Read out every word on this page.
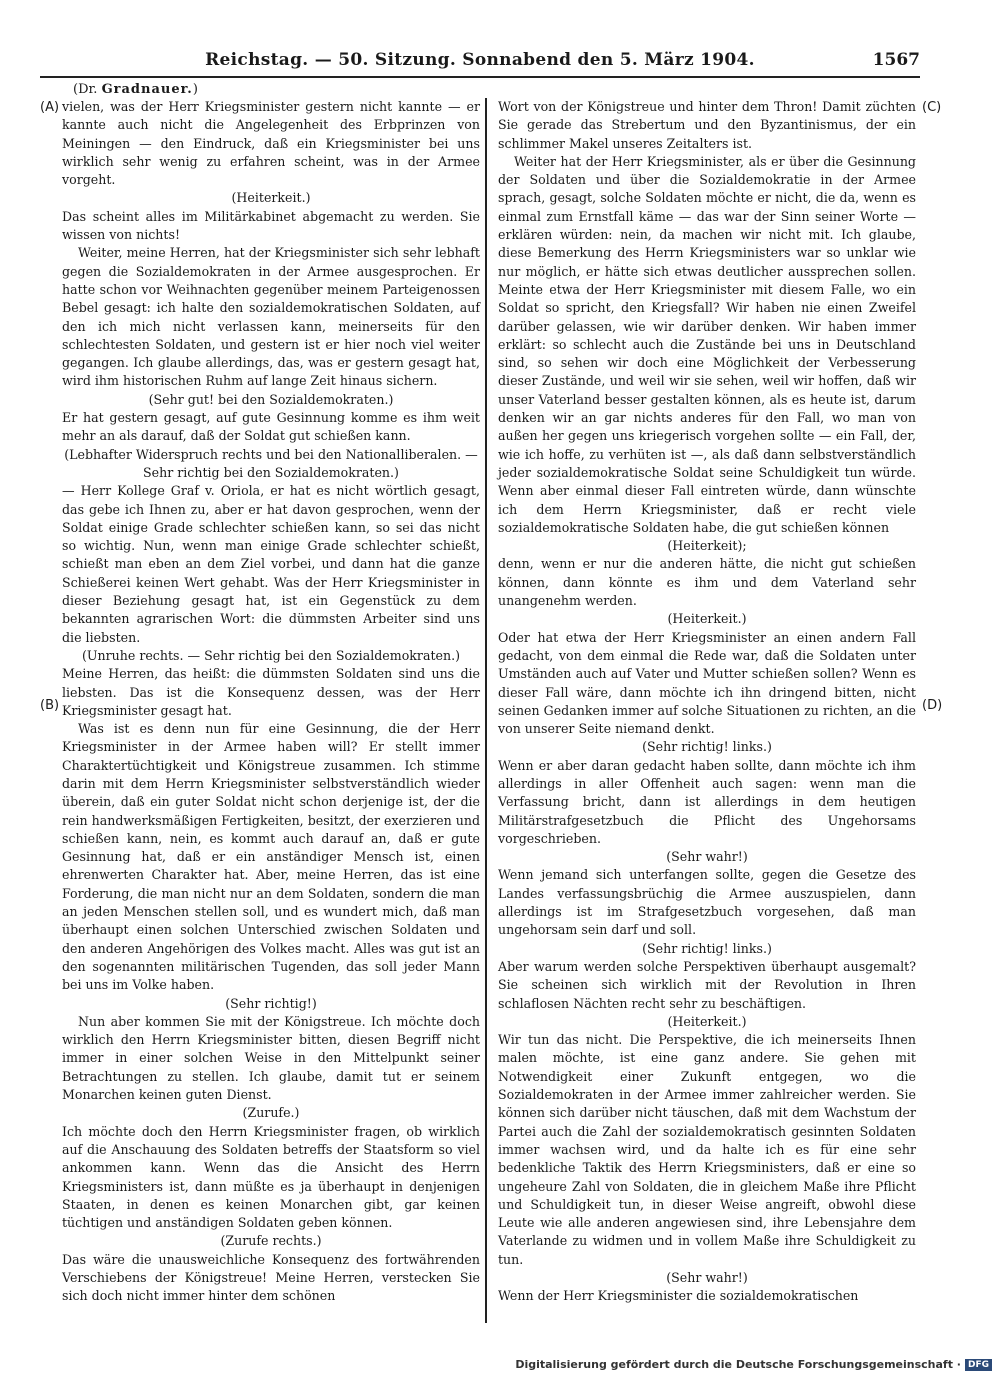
Reichstag. — 50. Sitzung. Sonnabend den 5. März 1904.	1567
(Dr. Gradnauer.)
(A)
(B)
(C)
(D)

vielen, was der Herr Kriegsminister gestern nicht kannte — er kannte auch nicht die Angelegenheit des Erbprinzen von Meiningen — den Eindruck, daß ein Kriegsminister bei uns wirklich sehr wenig zu erfahren scheint, was in der Armee vorgeht.

(Heiterkeit.)

Das scheint alles im Militärkabinet abgemacht zu werden. Sie wissen von nichts!

Weiter, meine Herren, hat der Kriegsminister sich sehr lebhaft gegen die Sozialdemokraten in der Armee ausgesprochen. Er hatte schon vor Weihnachten gegenüber meinem Parteigenossen Bebel gesagt: ich halte den sozialdemokratischen Soldaten, auf den ich mich nicht verlassen kann, meinerseits für den schlechtesten Soldaten, und gestern ist er hier noch viel weiter gegangen. Ich glaube allerdings, das, was er gestern gesagt hat, wird ihm historischen Ruhm auf lange Zeit hinaus sichern.

(Sehr gut! bei den Sozialdemokraten.)

Er hat gestern gesagt, auf gute Gesinnung komme es ihm weit mehr an als darauf, daß der Soldat gut schießen kann.

(Lebhafter Widerspruch rechts und bei den Nationalliberalen. — Sehr richtig bei den Sozialdemokraten.)

— Herr Kollege Graf v. Oriola, er hat es nicht wörtlich gesagt, das gebe ich Ihnen zu, aber er hat davon gesprochen, wenn der Soldat einige Grade schlechter schießen kann, so sei das nicht so wichtig. Nun, wenn man einige Grade schlechter schießt, schießt man eben an dem Ziel vorbei, und dann hat die ganze Schießerei keinen Wert gehabt. Was der Herr Kriegsminister in dieser Beziehung gesagt hat, ist ein Gegenstück zu dem bekannten agrarischen Wort: die dümmsten Arbeiter sind uns die liebsten.

(Unruhe rechts. — Sehr richtig bei den Sozialdemokraten.)

Meine Herren, das heißt: die dümmsten Soldaten sind uns die liebsten. Das ist die Konsequenz dessen, was der Herr Kriegsminister gesagt hat.

Was ist es denn nun für eine Gesinnung, die der Herr Kriegsminister in der Armee haben will? Er stellt immer Charaktertüchtigkeit und Königstreue zusammen. Ich stimme darin mit dem Herrn Kriegsminister selbstverständlich wieder überein, daß ein guter Soldat nicht schon derjenige ist, der die rein handwerksmäßigen Fertigkeiten, besitzt, der exerzieren und schießen kann, nein, es kommt auch darauf an, daß er gute Gesinnung hat, daß er ein anständiger Mensch ist, einen ehrenwerten Charakter hat. Aber, meine Herren, das ist eine Forderung, die man nicht nur an dem Soldaten, sondern die man an jeden Menschen stellen soll, und es wundert mich, daß man überhaupt einen solchen Unterschied zwischen Soldaten und den anderen Angehörigen des Volkes macht. Alles was gut ist an den sogenannten militärischen Tugenden, das soll jeder Mann bei uns im Volke haben.

(Sehr richtig!)

Nun aber kommen Sie mit der Königstreue. Ich möchte doch wirklich den Herrn Kriegsminister bitten, diesen Begriff nicht immer in einer solchen Weise in den Mittelpunkt seiner Betrachtungen zu stellen. Ich glaube, damit tut er seinem Monarchen keinen guten Dienst.

(Zurufe.)

Ich möchte doch den Herrn Kriegsminister fragen, ob wirklich auf die Anschauung des Soldaten betreffs der Staatsform so viel ankommen kann. Wenn das die Ansicht des Herrn Kriegsministers ist, dann müßte es ja überhaupt in denjenigen Staaten, in denen es keinen Monarchen gibt, gar keinen tüchtigen und anständigen Soldaten geben können.

(Zurufe rechts.)

Das wäre die unausweichliche Konsequenz des fortwährenden Verschiebens der Königstreue! Meine Herren, verstecken Sie sich doch nicht immer hinter dem schönen

Wort von der Königstreue und hinter dem Thron! Damit züchten Sie gerade das Strebertum und den Byzantinismus, der ein schlimmer Makel unseres Zeitalters ist.

Weiter hat der Herr Kriegsminister, als er über die Gesinnung der Soldaten und über die Sozialdemokratie in der Armee sprach, gesagt, solche Soldaten möchte er nicht, die da, wenn es einmal zum Ernstfall käme — das war der Sinn seiner Worte — erklären würden: nein, da machen wir nicht mit. Ich glaube, diese Bemerkung des Herrn Kriegsministers war so unklar wie nur möglich, er hätte sich etwas deutlicher aussprechen sollen. Meinte etwa der Herr Kriegsminister mit diesem Falle, wo ein Soldat so spricht, den Kriegsfall? Wir haben nie einen Zweifel darüber gelassen, wie wir darüber denken. Wir haben immer erklärt: so schlecht auch die Zustände bei uns in Deutschland sind, so sehen wir doch eine Möglichkeit der Verbesserung dieser Zustände, und weil wir sie sehen, weil wir hoffen, daß wir unser Vaterland besser gestalten können, als es heute ist, darum denken wir an gar nichts anderes für den Fall, wo man von außen her gegen uns kriegerisch vorgehen sollte — ein Fall, der, wie ich hoffe, zu verhüten ist —, als daß dann selbstverständlich jeder sozialdemokratische Soldat seine Schuldigkeit tun würde. Wenn aber einmal dieser Fall eintreten würde, dann wünschte ich dem Herrn Kriegsminister, daß er recht viele sozialdemokratische Soldaten habe, die gut schießen können

(Heiterkeit);

denn, wenn er nur die anderen hätte, die nicht gut schießen können, dann könnte es ihm und dem Vaterland sehr unangenehm werden.

(Heiterkeit.)

Oder hat etwa der Herr Kriegsminister an einen andern Fall gedacht, von dem einmal die Rede war, daß die Soldaten unter Umständen auch auf Vater und Mutter schießen sollen? Wenn es dieser Fall wäre, dann möchte ich ihn dringend bitten, nicht seinen Gedanken immer auf solche Situationen zu richten, an die von unserer Seite niemand denkt.

(Sehr richtig! links.)

Wenn er aber daran gedacht haben sollte, dann möchte ich ihm allerdings in aller Offenheit auch sagen: wenn man die Verfassung bricht, dann ist allerdings in dem heutigen Militärstrafgesetzbuch die Pflicht des Ungehorsams vorgeschrieben.

(Sehr wahr!)

Wenn jemand sich unterfangen sollte, gegen die Gesetze des Landes verfassungsbrüchig die Armee auszuspielen, dann allerdings ist im Strafgesetzbuch vorgesehen, daß man ungehorsam sein darf und soll.

(Sehr richtig! links.)

Aber warum werden solche Perspektiven überhaupt ausgemalt? Sie scheinen sich wirklich mit der Revolution in Ihren schlaflosen Nächten recht sehr zu beschäftigen.

(Heiterkeit.)

Wir tun das nicht. Die Perspektive, die ich meinerseits Ihnen malen möchte, ist eine ganz andere. Sie gehen mit Notwendigkeit einer Zukunft entgegen, wo die Sozialdemokraten in der Armee immer zahlreicher werden. Sie können sich darüber nicht täuschen, daß mit dem Wachstum der Partei auch die Zahl der sozialdemokratisch gesinnten Soldaten immer wachsen wird, und da halte ich es für eine sehr bedenkliche Taktik des Herrn Kriegsministers, daß er eine so ungeheure Zahl von Soldaten, die in gleichem Maße ihre Pflicht und Schuldigkeit tun, in dieser Weise angreift, obwohl diese Leute wie alle anderen angewiesen sind, ihre Lebensjahre dem Vaterlande zu widmen und in vollem Maße ihre Schuldigkeit zu tun.

(Sehr wahr!)

Wenn der Herr Kriegsminister die sozialdemokratischen

Digitalisierung gefördert durch die Deutsche Forschungsgemeinschaft · DFG
